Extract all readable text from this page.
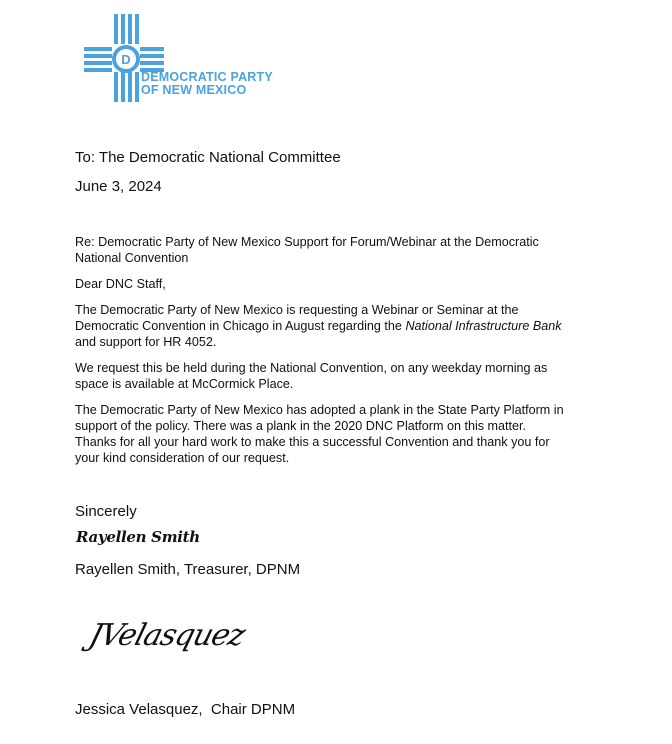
D
DEMOCRATIC PARTY
OF NEW MEXICO
To: The Democratic National Committee
June 3, 2024
Re: Democratic Party of New Mexico Support for Forum/Webinar at the Democratic
National Convention
Dear DNC Staff,
The Democratic Party of New Mexico is requesting a Webinar or Seminar at the
Democratic Convention in Chicago in August regarding the National Infrastructure Bank
and support for HR 4052.
We request this be held during the National Convention, on any weekday morning as
space is available at McCormick Place.
The Democratic Party of New Mexico has adopted a plank in the State Party Platform in
support of the policy. There was a plank in the 2020 DNC Platform on this matter.
Thanks for all your hard work to make this a successful Convention and thank you for
your kind consideration of our request.
Sincerely
Rayellen Smith
Rayellen Smith, Treasurer, DPNM
JVelasquez
Jessica Velasquez,  Chair DPNM
